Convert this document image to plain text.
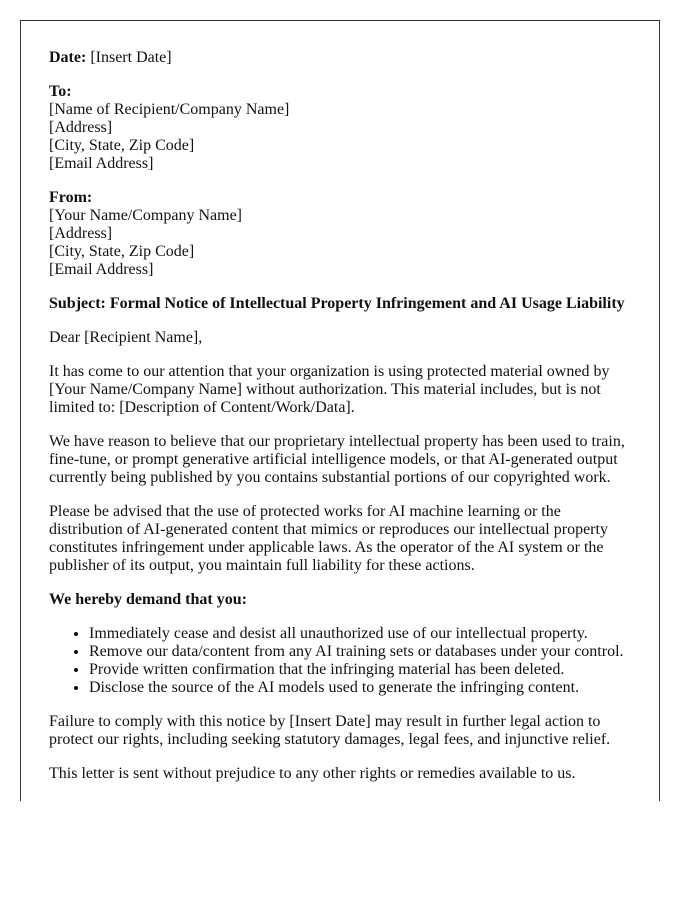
Date: [Insert Date]
To:
[Name of Recipient/Company Name]
[Address]
[City, State, Zip Code]
[Email Address]
From:
[Your Name/Company Name]
[Address]
[City, State, Zip Code]
[Email Address]

Subject: Formal Notice of Intellectual Property Infringement and AI Usage Liability

Dear [Recipient Name],

It has come to our attention that your organization is using protected material owned by [Your Name/Company Name] without authorization. This material includes, but is not limited to: [Description of Content/Work/Data].

We have reason to believe that our proprietary intellectual property has been used to train, fine-tune, or prompt generative artificial intelligence models, or that AI-generated output currently being published by you contains substantial portions of our copyrighted work.

Please be advised that the use of protected works for AI machine learning or the distribution of AI-generated content that mimics or reproduces our intellectual property constitutes infringement under applicable laws. As the operator of the AI system or the publisher of its output, you maintain full liability for these actions.

We hereby demand that you:

• Immediately cease and desist all unauthorized use of our intellectual property.
• Remove our data/content from any AI training sets or databases under your control.
• Provide written confirmation that the infringing material has been deleted.
• Disclose the source of the AI models used to generate the infringing content.

Failure to comply with this notice by [Insert Date] may result in further legal action to protect our rights, including seeking statutory damages, legal fees, and injunctive relief.

This letter is sent without prejudice to any other rights or remedies available to us.
